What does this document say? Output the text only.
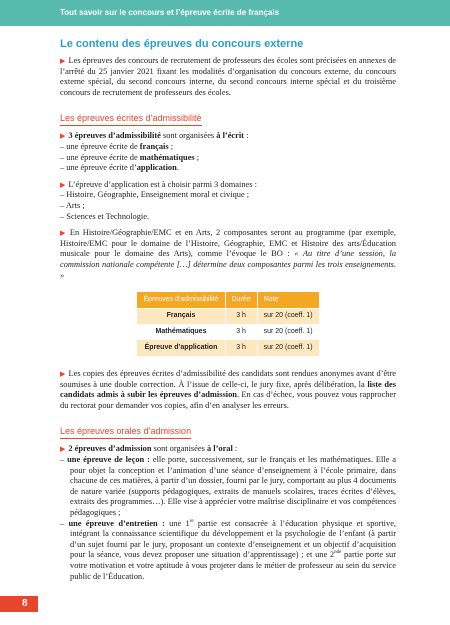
Tout savoir sur le concours et l’épreuve écrite de français
Le contenu des épreuves du concours externe

▶ Les épreuves des concours de recrutement de professeurs des écoles sont précisées en annexes de l’arrêté du 25 janvier 2021 fixant les modalités d’organisation du concours externe, du concours externe spécial, du second concours interne, du second concours interne spécial et du troisième concours de recrutement de professeurs des écoles.

Les épreuves écrites d’admissibilité

▶ 3 épreuves d’admissibilité sont organisées à l’écrit :
– une épreuve écrite de français ;
– une épreuve écrite de mathématiques ;
– une épreuve écrite d’application.

▶ L’épreuve d’application est à choisir parmi 3 domaines :
– Histoire, Géographie, Enseignement moral et civique ;
– Arts ;
– Sciences et Technologie.

▶ En Histoire/Géographie/EMC et en Arts, 2 composantes seront au programme (par exemple, Histoire/EMC pour le domaine de l’Histoire, Géographie, EMC et Histoire des arts/Éducation musicale pour le domaine des Arts), comme l’évoque le BO : « Au titre d’une session, la commission nationale compétente […] détermine deux composantes parmi les trois enseignements. »

Épreuves d’admissibilité	Durée	Note
Français	3 h	sur 20 (coeff. 1)
Mathématiques	3 h	sur 20 (coeff. 1)
Épreuve d’application	3 h	sur 20 (coeff. 1)

▶ Les copies des épreuves écrites d’admissibilité des candidats sont rendues anonymes avant d’être soumises à une double correction. À l’issue de celle-ci, le jury fixe, après délibération, la liste des candidats admis à subir les épreuves d’admission. En cas d’échec, vous pouvez vous rapprocher du rectorat pour demander vos copies, afin d’en analyser les erreurs.

Les épreuves orales d’admission

▶ 2 épreuves d’admission sont organisées à l’oral :
– une épreuve de leçon : elle porte, successivement, sur le français et les mathématiques. Elle a pour objet la conception et l’animation d’une séance d’enseignement à l’école primaire, dans chacune de ces matières, à partir d’un dossier, fourni par le jury, comportant au plus 4 documents de nature variée (supports pédagogiques, extraits de manuels scolaires, traces écrites d’élèves, extraits des programmes…). Elle vise à apprécier votre maîtrise disciplinaire et vos compétences pédagogiques ;
– une épreuve d’entretien : une 1re partie est consacrée à l’éducation physique et sportive, intégrant la connaissance scientifique du développement et la psychologie de l’enfant (à partir d’un sujet fourni par le jury, proposant un contexte d’enseignement et un objectif d’acquisition pour la séance, vous devez proposer une situation d’apprentissage) ; et une 2nde partie porte sur votre motivation et votre aptitude à vous projeter dans le métier de professeur au sein du service public de l’Éducation.

8
